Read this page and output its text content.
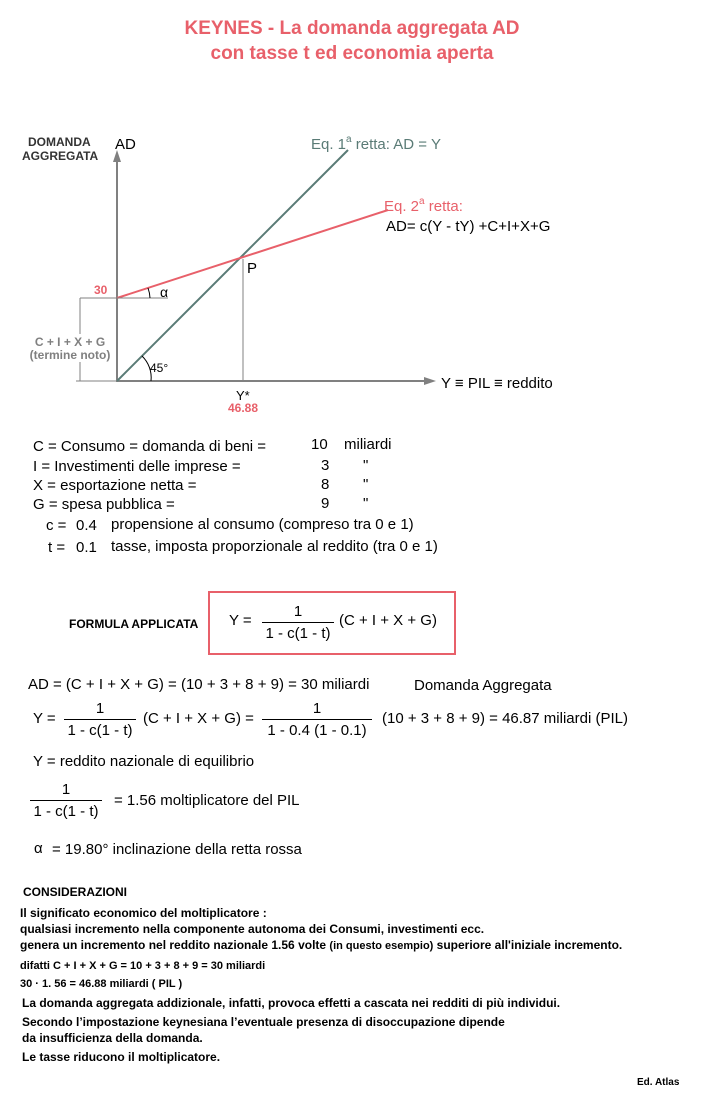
KEYNES - La domanda aggregata AD
con tasse t ed economia aperta
DOMANDA
AGGREGATA
AD	Eq. 1$^a$ retta: AD = Y
Eq. 2$^a$ retta:
AD= c(Y - tY) +C+I+X+G
30
C + I + X + G
(termine noto)
α
45°
P
Y*
46.88
Y ≡ PIL ≡ reddito
C = Consumo = domanda di beni =	10 miliardi
I = Investimenti delle imprese =	3 "
X = esportazione netta =	8 "
G = spesa pubblica =	9 "
c = 0.4 propensione al consumo (compreso tra 0 e 1)
t = 0.1 tasse, imposta proporzionale al reddito (tra 0 e 1)
FORMULA APPLICATA Y =
1
1 - c(1 - t)
(C + I + X + G)
AD = (C + I + X + G) = (10 + 3 + 8 + 9) = 30 miliardi	Domanda Aggregata
Y =
1
1 - c(1 - t)
(C + I + X + G) =
1
1 - 0.4 (1 - 0.1)
(10 + 3 + 8 + 9) = 46.87 miliardi (PIL)
Y = reddito nazionale di equilibrio
1
1 - c(1 - t)
= 1.56 moltiplicatore del PIL
α = 19.80° inclinazione della retta rossa
CONSIDERAZIONI
Il significato economico del moltiplicatore :
qualsiasi incremento nella componente autonoma dei Consumi, investimenti ecc.
genera un incremento nel reddito nazionale 1.56 volte (in questo esempio) superiore all'iniziale incremento.
difatti C + I + X + G = 10 + 3 + 8 + 9 = 30 miliardi
30 · 1. 56 = 46.88 miliardi ( PIL )
La domanda aggregata addizionale, infatti, provoca effetti a cascata nei redditi di più individui.
Secondo l’impostazione keynesiana l’eventuale presenza di disoccupazione dipende
da insufficienza della domanda.
Le tasse riducono il moltiplicatore.
Ed. Atlas
